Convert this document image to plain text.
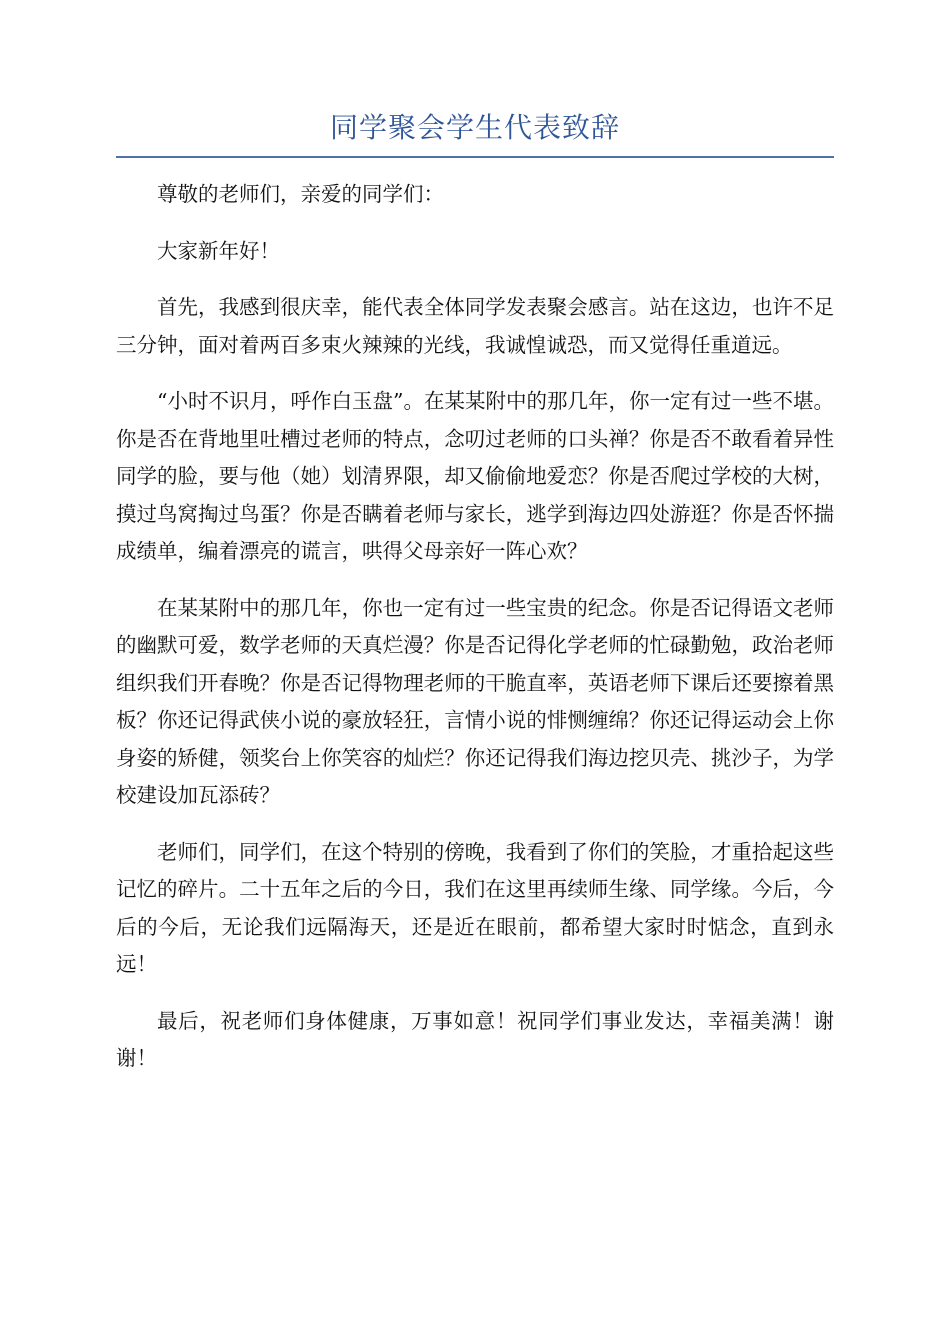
同学聚会学生代表致辞

尊敬的老师们，亲爱的同学们：

大家新年好！

首先，我感到很庆幸，能代表全体同学发表聚会感言。站在这边，也许不足三分钟，面对着两百多束火辣辣的光线，我诚惶诚恐，而又觉得任重道远。

“小时不识月，呼作白玉盘”。在某某附中的那几年，你一定有过一些不堪。你是否在背地里吐槽过老师的特点，念叨过老师的口头禅？你是否不敢看着异性同学的脸，要与他（她）划清界限，却又偷偷地爱恋？你是否爬过学校的大树，摸过鸟窝掏过鸟蛋？你是否瞒着老师与家长，逃学到海边四处游逛？你是否怀揣成绩单，编着漂亮的谎言，哄得父母亲好一阵心欢？

在某某附中的那几年，你也一定有过一些宝贵的纪念。你是否记得语文老师的幽默可爱，数学老师的天真烂漫？你是否记得化学老师的忙碌勤勉，政治老师组织我们开春晚？你是否记得物理老师的干脆直率，英语老师下课后还要擦着黑板？你还记得武侠小说的豪放轻狂，言情小说的悱恻缠绵？你还记得运动会上你身姿的矫健，领奖台上你笑容的灿烂？你还记得我们海边挖贝壳、挑沙子，为学校建设加瓦添砖？

老师们，同学们，在这个特别的傍晚，我看到了你们的笑脸，才重拾起这些记忆的碎片。二十五年之后的今日，我们在这里再续师生缘、同学缘。今后，今后的今后，无论我们远隔海天，还是近在眼前，都希望大家时时惦念，直到永远！

最后，祝老师们身体健康，万事如意！祝同学们事业发达，幸福美满！谢谢！
